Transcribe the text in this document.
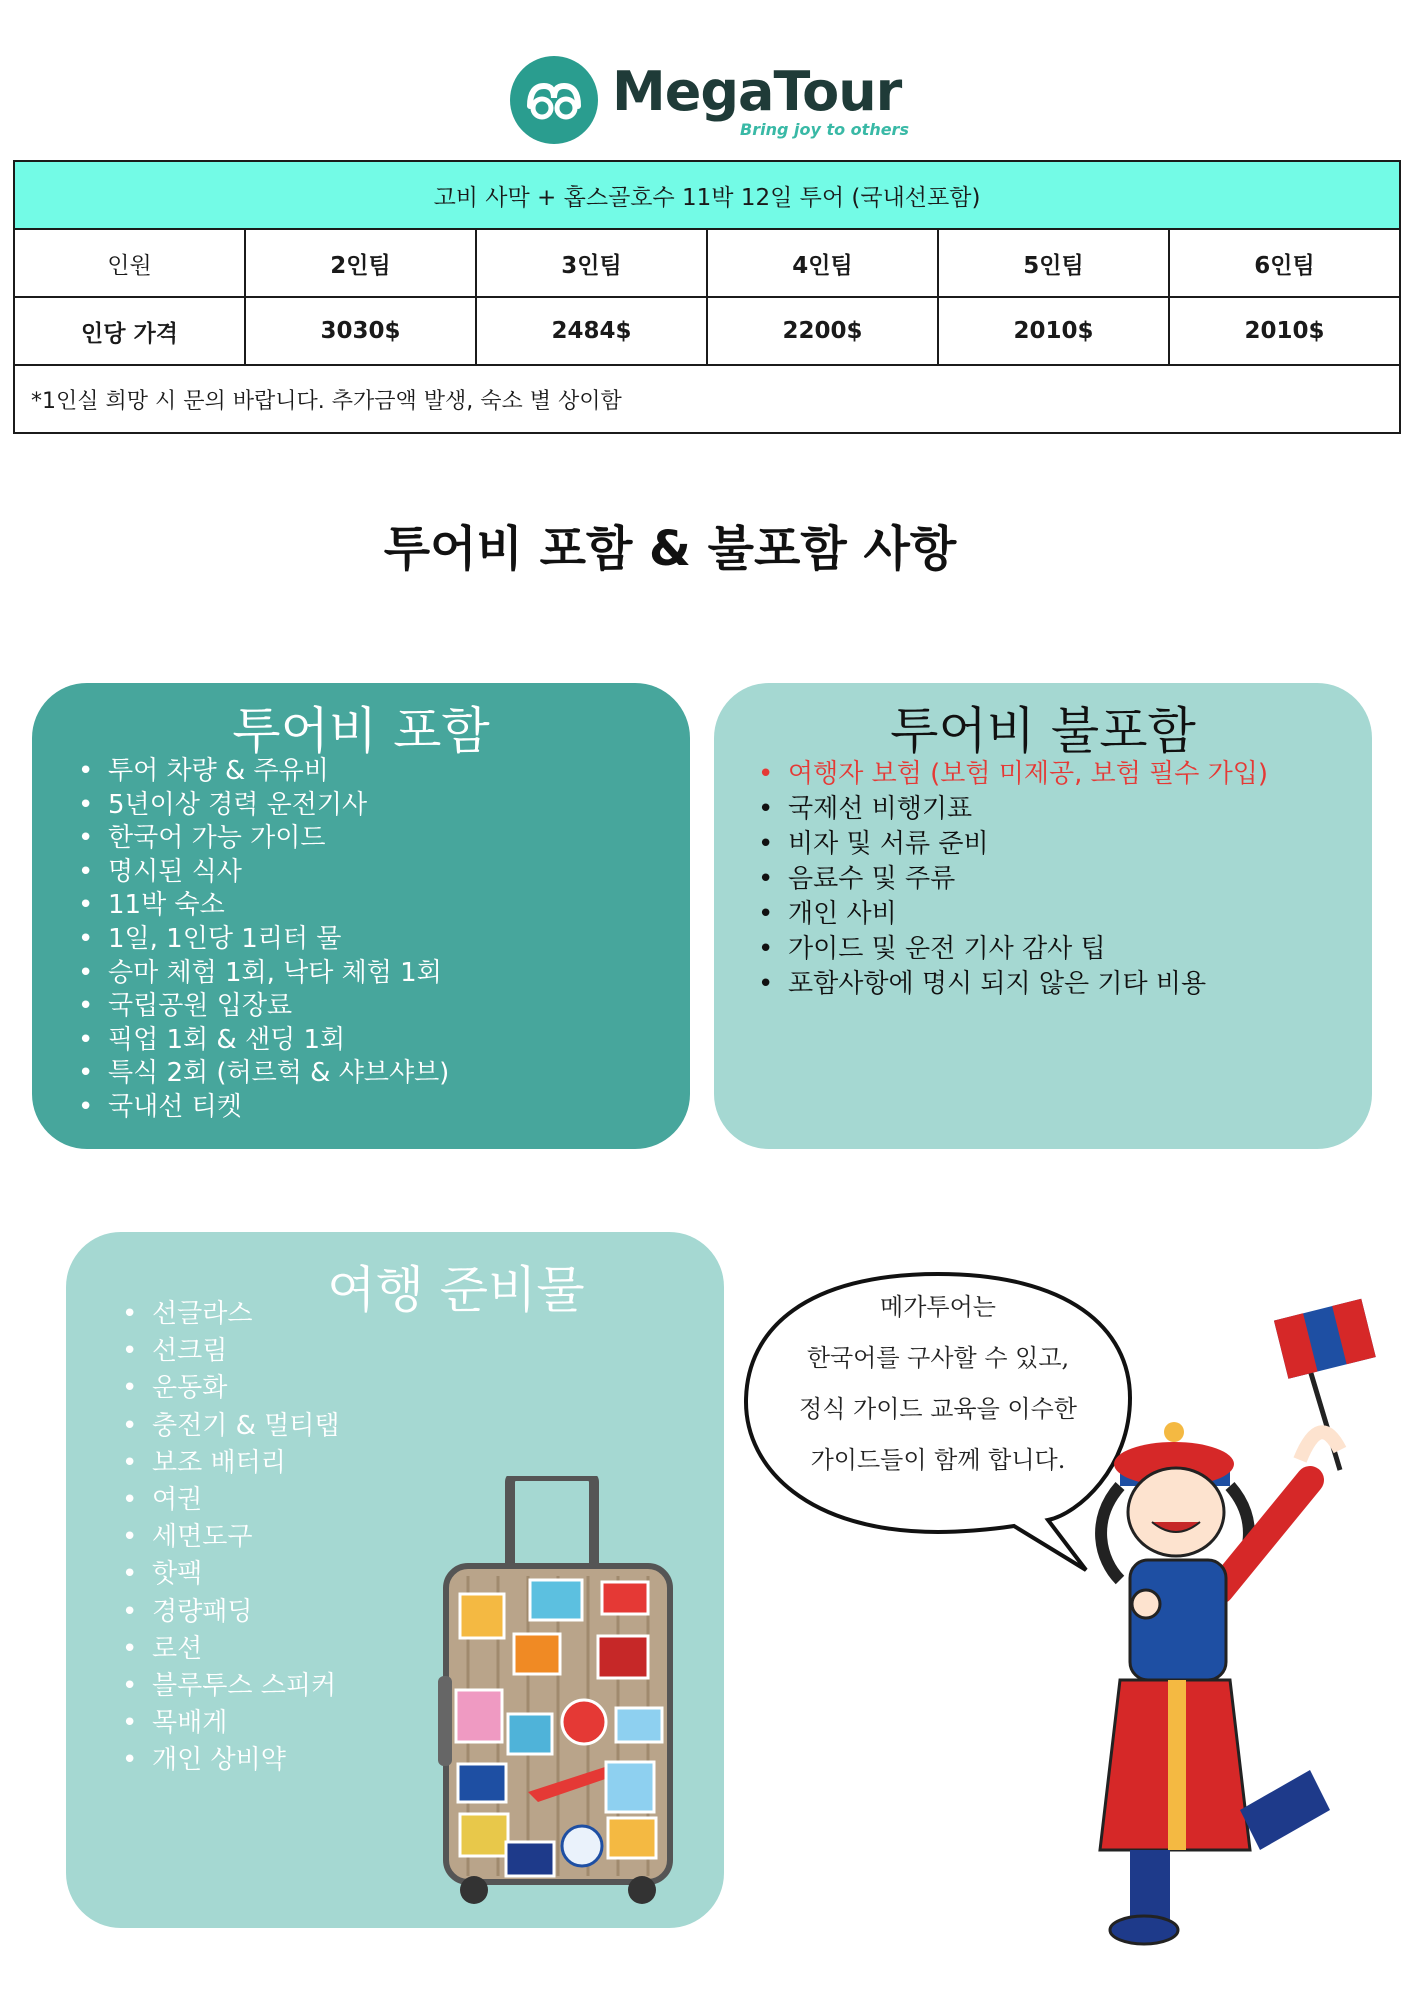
MegaTour
Bring joy to others
고비 사막 + 홉스골호수 11박 12일 투어 (국내선포함)					
인원	2인팀	3인팀	4인팀	5인팀	6인팀
인당 가격	3030$	2484$	2200$	2010$	2010$
*1인실 희망 시 문의 바랍니다. 추가금액 발생, 숙소 별 상이함					
투어비 포함 & 불포함 사항
투어비 포함
• 투어 차량 & 주유비
• 5년이상 경력 운전기사
• 한국어 가능 가이드
• 명시된 식사
• 11박 숙소
• 1일, 1인당 1리터 물
• 승마 체험 1회, 낙타 체험 1회
• 국립공원 입장료
• 픽업 1회 & 샌딩 1회
• 특식 2회 (허르헉 & 샤브샤브)
• 국내선 티켓
투어비 불포함
• 여행자 보험 (보험 미제공, 보험 필수 가입)
• 국제선 비행기표
• 비자 및 서류 준비
• 음료수 및 주류
• 개인 사비
• 가이드 및 운전 기사 감사 팁
• 포함사항에 명시 되지 않은 기타 비용
여행 준비물
• 선글라스
• 선크림
• 운동화
• 충전기 & 멀티탭
• 보조 배터리
• 여권
• 세면도구
• 핫팩
• 경량패딩
• 로션
• 블루투스 스피커
• 목배게
• 개인 상비약
메가투어는
한국어를 구사할 수 있고,
정식 가이드 교육을 이수한
가이드들이 함께 합니다.
